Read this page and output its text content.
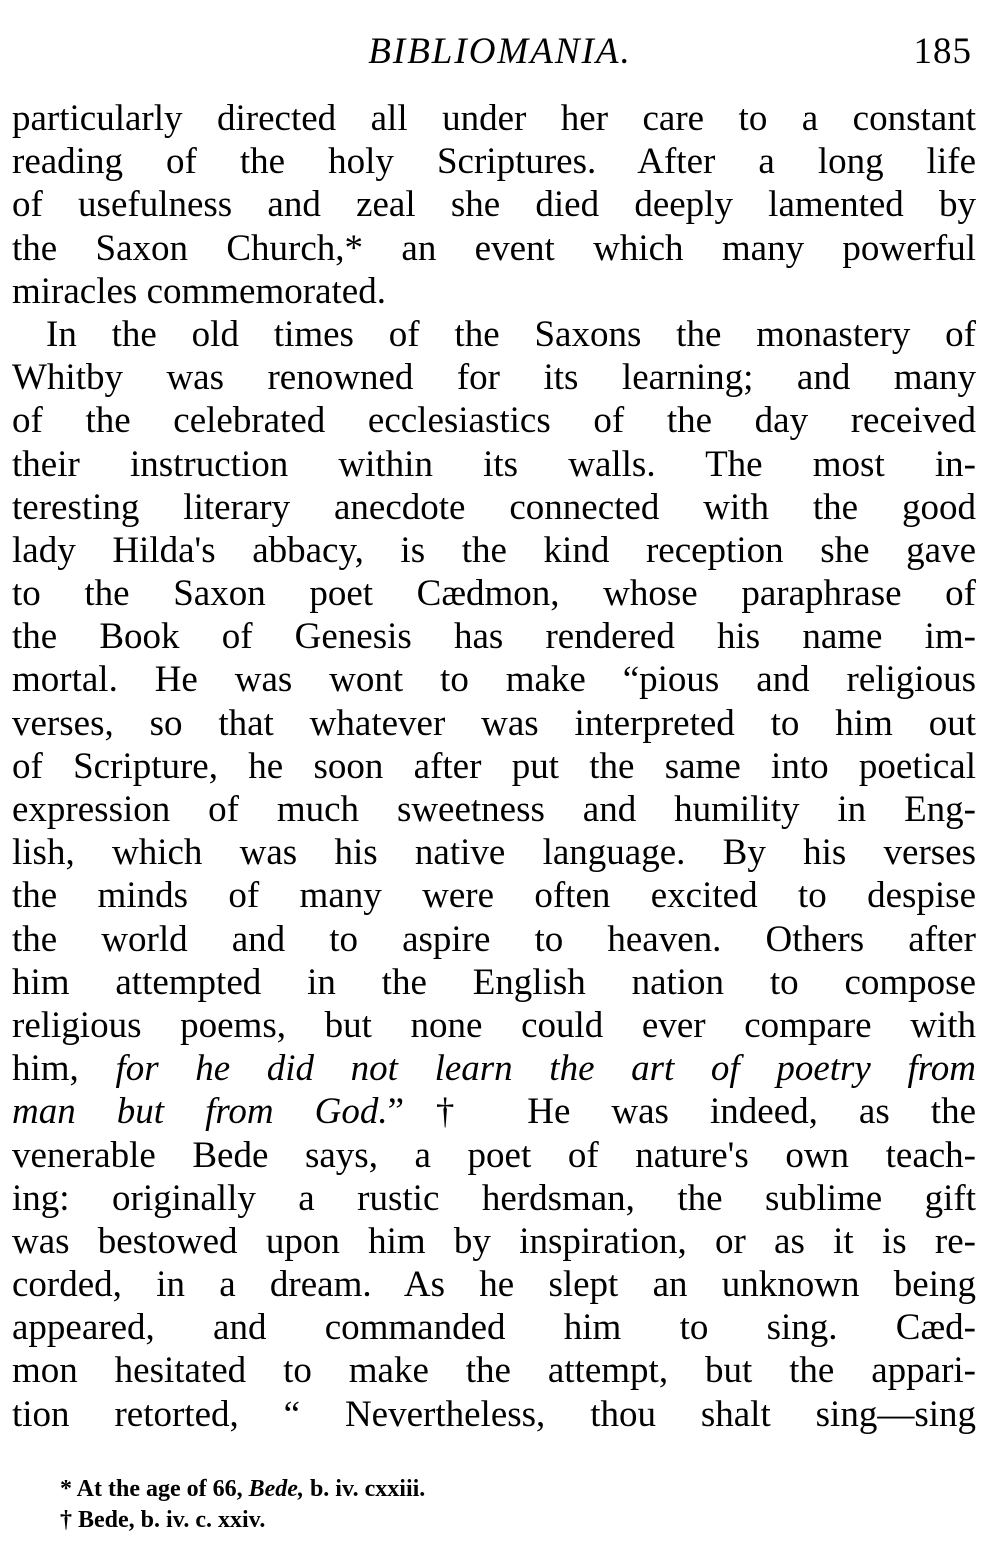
BIBLIOMANIA.	185
particularly directed all under her care to a constant
reading of the holy Scriptures. After a long life
of usefulness and zeal she died deeply lamented by
the Saxon Church,* an event which many powerful
miracles commemorated.
In the old times of the Saxons the monastery of
Whitby was renowned for its learning; and many
of the celebrated ecclesiastics of the day received
their instruction within its walls. The most in-
teresting literary anecdote connected with the good
lady Hilda's abbacy, is the kind reception she gave
to the Saxon poet Cædmon, whose paraphrase of
the Book of Genesis has rendered his name im-
mortal. He was wont to make “pious and religious
verses, so that whatever was interpreted to him out
of Scripture, he soon after put the same into poetical
expression of much sweetness and humility in Eng-
lish, which was his native language. By his verses
the minds of many were often excited to despise
the world and to aspire to heaven. Others after
him attempted in the English nation to compose
religious poems, but none could ever compare with
him, for he did not learn the art of poetry from
man but from God.”† He was indeed, as the
venerable Bede says, a poet of nature's own teach-
ing: originally a rustic herdsman, the sublime gift
was bestowed upon him by inspiration, or as it is re-
corded, in a dream. As he slept an unknown being
appeared, and commanded him to sing. Cæd-
mon hesitated to make the attempt, but the appari-
tion retorted, “ Nevertheless, thou shalt sing—sing
* At the age of 66, Bede, b. iv. cxxiii.
† Bede, b. iv. c. xxiv.
